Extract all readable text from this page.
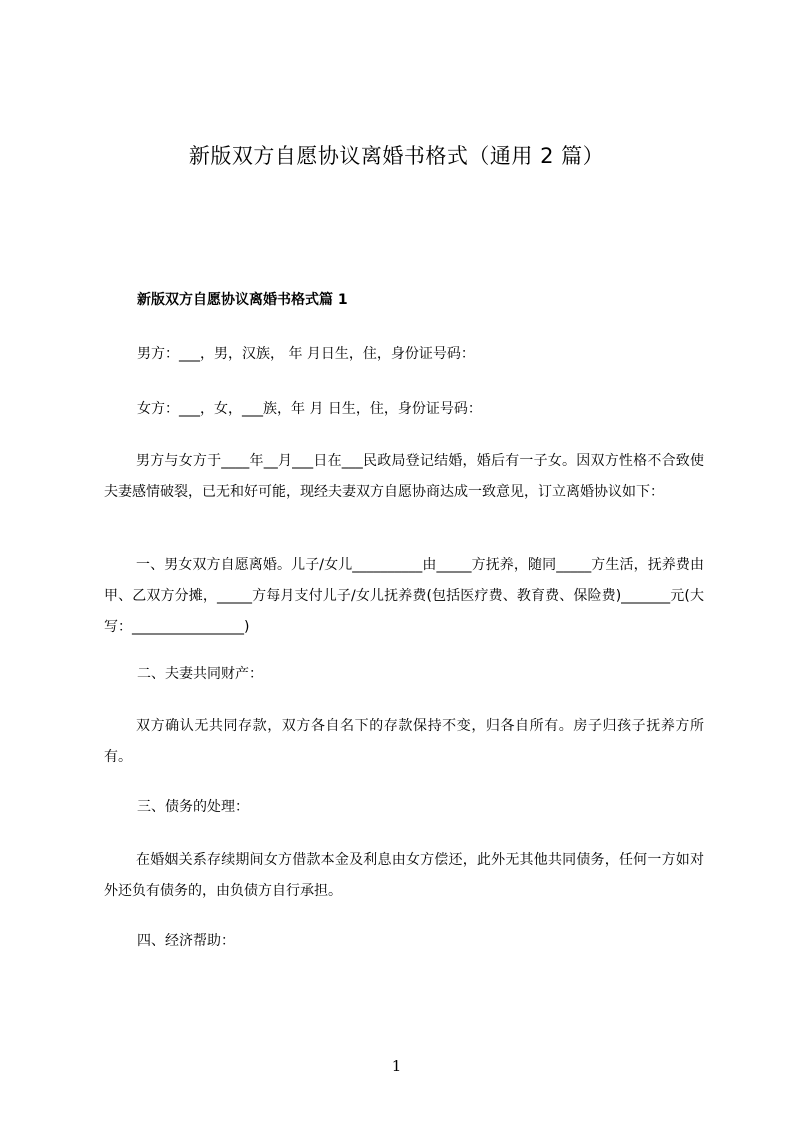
新版双方自愿协议离婚书格式（通用 2 篇）
新版双方自愿协议离婚书格式篇 1

男方：___，男，汉族， 年 月日生，住，身份证号码：

女方：___，女，___族，年 月 日生，住，身份证号码：

男方与女方于____年__月___日在___民政局登记结婚，婚后有一子女。因双方性格不合致使夫妻感情破裂，已无和好可能，现经夫妻双方自愿协商达成一致意见，订立离婚协议如下：

一、男女双方自愿离婚。儿子/女儿__________由_____方抚养，随同_____方生活，抚养费由甲、乙双方分摊，_____方每月支付儿子/女儿抚养费(包括医疗费、教育费、保险费)_______元(大写：________________)

二、夫妻共同财产：

双方确认无共同存款，双方各自名下的存款保持不变，归各自所有。房子归孩子抚养方所有。

三、债务的处理：

在婚姻关系存续期间女方借款本金及利息由女方偿还，此外无其他共同债务，任何一方如对外还负有债务的，由负债方自行承担。

四、经济帮助：

1
